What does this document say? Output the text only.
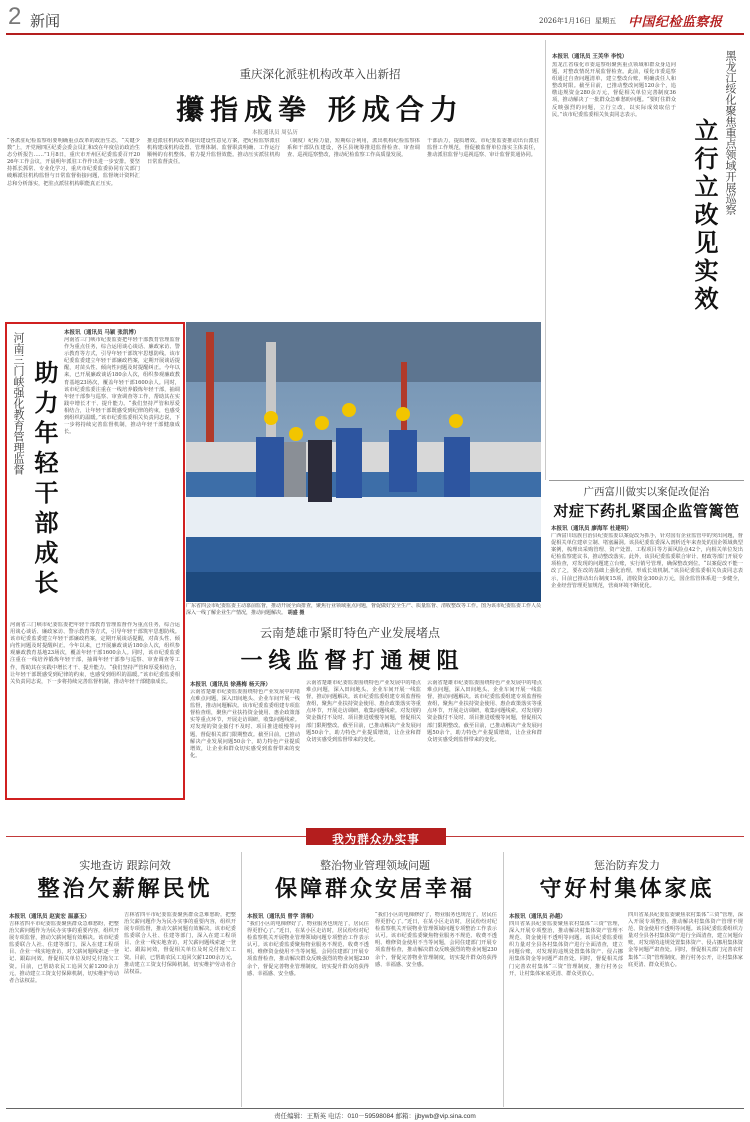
2 新闻	2026年1月16日 星期五 中国纪检监察报
重庆深化派驻机构改革入出新招
攥指成拳 形成合力
本报通讯员 周弘历
“各派驻纪检监察组要明确重点改革的政治生态，“关键少数”上，开党阐四区纪委会委会员汇和改在年度信访政治生态分析报告……”1月8日，重庆市开州区纪委监委召开2026年工作会议，开晨明年派驻工作作出进一步安排。要坚持抓长抓常、专业化学习，重庆市纪委监委协同有关部门破解派驻机构监督与日常监督衔接问题，监督统计资料汇总和分析落实，把驻点派驻机构职能真正压实。
推进派驻机构改革提出建设性意见方案，把纪检监察派驻机构建成机构设置、管理体制、监督职责明确、工作运行顺畅的有机整体，着力提升监督效能。推动压实派驻机构日常监督责任。
（制度）纪检力量，短期综合利用，派出机构纪检监察体系和干部队伍建设，各区县统筹推进监督检查、审查调查、巡视巡察整改，推动纪检监察工作高质量发展。
干部活力，提质增效。市纪委监委推动出台派驻监督工作规范，督促被监督单位落实主体责任，推动派驻监督与巡视巡察、审计监督贯通协同。
本报讯（通讯员 王芙华 李悦）
黑龙江省绥化市委巡察组聚焦重点领域和群众身边问题，对整改情况开展监督检查。此前，绥化市委巡察组通过自查问题清单，建立整改台账，明确责任人和整改时限。截至目前，已推动整改问题120余个，追缴违规资金280余万元，督促相关单位完善制度36项，推动解决了一批群众急难愁盼问题。“要盯住群众反映强烈的问题，立行立改，以实际成效取信于民。”该市纪委监委相关负责同志表示。	黑龙江绥化聚焦重点领域开展巡察
立行立改见实效
河南三门峡强化教育管理监督 助力年轻干部成长
本报讯（通讯员 马颖 张凯博）
河南省三门峡市纪委监委把年轻干部教育管理监督作为重点任务，综合运用谈心谈话、廉政家访、警示教育等方式，引导年轻干部筑牢思想防线。该市纪委监委建立年轻干部廉政档案，定期开展谈话提醒，对苗头性、倾向性问题及时提醒纠正。今年以来，已开展廉政谈话180余人次，组织参观廉政教育基地23场次，覆盖年轻干部1600余人。同时，该市纪委监委注重在一线培养锻炼年轻干部，抽调年轻干部参与巡察、审查调查等工作，帮助其在实践中增长才干、提升能力。“我们坚持严管和厚爱相结合，让年轻干部既感受到纪律的约束，也感受到组织的温暖。”该市纪委监委相关负责同志说，下一步将持续完善监督机制，推动年轻干部健康成长。
河南省三门峡市纪委监委把年轻干部教育管理监督作为重点任务，综合运用谈心谈话、廉政家访、警示教育等方式，引导年轻干部筑牢思想防线。该市纪委监委建立年轻干部廉政档案，定期开展谈话提醒，对苗头性、倾向性问题及时提醒纠正。今年以来，已开展廉政谈话180余人次，组织参观廉政教育基地23场次，覆盖年轻干部1600余人。同时，该市纪委监委注重在一线培养锻炼年轻干部，抽调年轻干部参与巡察、审查调查等工作，帮助其在实践中增长才干、提升能力。“我们坚持严管和厚爱相结合，让年轻干部既感受到纪律的约束，也感受到组织的温暖。”该市纪委监委相关负责同志说，下一步将持续完善监督机制，推动年轻干部健康成长。
广东省四会市纪委监委主动靠前监督，推动开展全面排查，聚焦行业领域重点问题，督促做好安全生产、质量监督、清收整改等工作。图为该市纪委监委工作人员深入一线了解企业生产情况，推动问题解决。 胡盛 摄
广西富川做实以案促改促治
对症下药扎紧国企监管篱笆
本报讯（通讯员 廖海军 杜建明）
广西富川瑶族自治县纪委监委以案促改为抓手，针对国有企业监管中的突出问题，督促相关单位建章立制、堵塞漏洞。该县纪委监委深入剖析近年来查处的国企领域典型案例，梳理出采购管理、资产处置、工程项目等方面风险点42个，向相关单位发出纪检监察建议书，推动整改落实。此外，该县纪委监委联合审计、财政等部门开展专项检查，对发现的问题建立台账，实行销号管理，确保整改到位。“以案促改不能一改了之，要在改的基础上强化治理，形成长效机制。”该县纪委监委相关负责同志表示，目前已推动出台制度15项，清收资金300余万元，国企监管体系进一步健全，企业经营管理更加规范，营商环境不断优化。
云南楚雄市紧盯特色产业发展堵点
一线监督打通梗阻
本报讯（通讯员 徐燕梅 杨天泽）
云南省楚雄市纪委监委围绕特色产业发展中的堵点难点问题，深入田间地头、企业车间开展一线监督，推动问题解决。该市纪委监委组建专项监督检查组，聚焦产业扶持资金使用、惠企政策落实等重点环节，开展走访调研，收集问题线索。对发现的资金拨付不及时、项目推进缓慢等问题，督促相关部门限期整改。截至目前，已推动解决产业发展问题50余个，助力特色产业提质增效，让企业和群众切实感受到监督带来的变化。
云南省楚雄市纪委监委围绕特色产业发展中的堵点难点问题，深入田间地头、企业车间开展一线监督，推动问题解决。该市纪委监委组建专项监督检查组，聚焦产业扶持资金使用、惠企政策落实等重点环节，开展走访调研，收集问题线索。对发现的资金拨付不及时、项目推进缓慢等问题，督促相关部门限期整改。截至目前，已推动解决产业发展问题50余个，助力特色产业提质增效，让企业和群众切实感受到监督带来的变化。
云南省楚雄市纪委监委围绕特色产业发展中的堵点难点问题，深入田间地头、企业车间开展一线监督，推动问题解决。该市纪委监委组建专项监督检查组，聚焦产业扶持资金使用、惠企政策落实等重点环节，开展走访调研，收集问题线索。对发现的资金拨付不及时、项目推进缓慢等问题，督促相关部门限期整改。截至目前，已推动解决产业发展问题50余个，助力特色产业提质增效，让企业和群众切实感受到监督带来的变化。
我为群众办实事
实地查访 跟踪问效
整治欠薪解民忧
本报讯（通讯员 赵寅宏 温嘉玉）
吉林省四平市纪委监委聚焦群众急难愁盼，把整治欠薪问题作为为民办实事的重要内容，组织开展专项监督，推动欠薪问题有效解决。该市纪委监委联合人社、住建等部门，深入在建工程项目、企业一线实地查访，对欠薪问题线索逐一登记、跟踪问效，督促相关单位及时兑付拖欠工资。目前，已帮助农民工追回欠薪1200余万元，推动建立工资支付保障机制，切实维护劳动者合法权益。
吉林省四平市纪委监委聚焦群众急难愁盼，把整治欠薪问题作为为民办实事的重要内容，组织开展专项监督，推动欠薪问题有效解决。该市纪委监委联合人社、住建等部门，深入在建工程项目、企业一线实地查访，对欠薪问题线索逐一登记、跟踪问效，督促相关单位及时兑付拖欠工资。目前，已帮助农民工追回欠薪1200余万元，推动建立工资支付保障机制，切实维护劳动者合法权益。
整治物业管理领域问题
保障群众安居幸福
本报讯（通讯员 曾学 清桐）
“我们小区的电梯修好了，物业服务也规范了，居民住得更舒心了。”近日，在某小区走访时，居民纷纷对纪检监察机关开展物业管理领域问题专项整治工作表示认可。该市纪委监委聚焦物业服务不规范、收费不透明、维修资金使用不当等问题，会同住建部门开展专项监督检查，推动解决群众反映强烈的物业问题230余个，督促完善物业管理制度，切实提升群众的获得感、幸福感、安全感。
“我们小区的电梯修好了，物业服务也规范了，居民住得更舒心了。”近日，在某小区走访时，居民纷纷对纪检监察机关开展物业管理领域问题专项整治工作表示认可。该市纪委监委聚焦物业服务不规范、收费不透明、维修资金使用不当等问题，会同住建部门开展专项监督检查，推动解决群众反映强烈的物业问题230余个，督促完善物业管理制度，切实提升群众的获得感、幸福感、安全感。
惩治防弃发力
守好村集体家底
本报讯（通讯员 孙越）
四川省某县纪委监委聚焦农村集体“三资”管理，深入开展专项整治，推动解决村集体资产管理不规范、资金使用不透明等问题。该县纪委监委组织力量对全县各村集体资产进行全面清查，建立问题台账，对发现的违规处置集体资产、侵占挪用集体资金等问题严肃查处。同时，督促相关部门完善农村集体“三资”管理制度，推行村务公开，让村集体家底更清、群众更放心。
四川省某县纪委监委聚焦农村集体“三资”管理，深入开展专项整治，推动解决村集体资产管理不规范、资金使用不透明等问题。该县纪委监委组织力量对全县各村集体资产进行全面清查，建立问题台账，对发现的违规处置集体资产、侵占挪用集体资金等问题严肃查处。同时，督促相关部门完善农村集体“三资”管理制度，推行村务公开，让村集体家底更清、群众更放心。
责任编辑：王斯英 电话：010－59598084 邮箱：jjbywb@vip.sina.com
